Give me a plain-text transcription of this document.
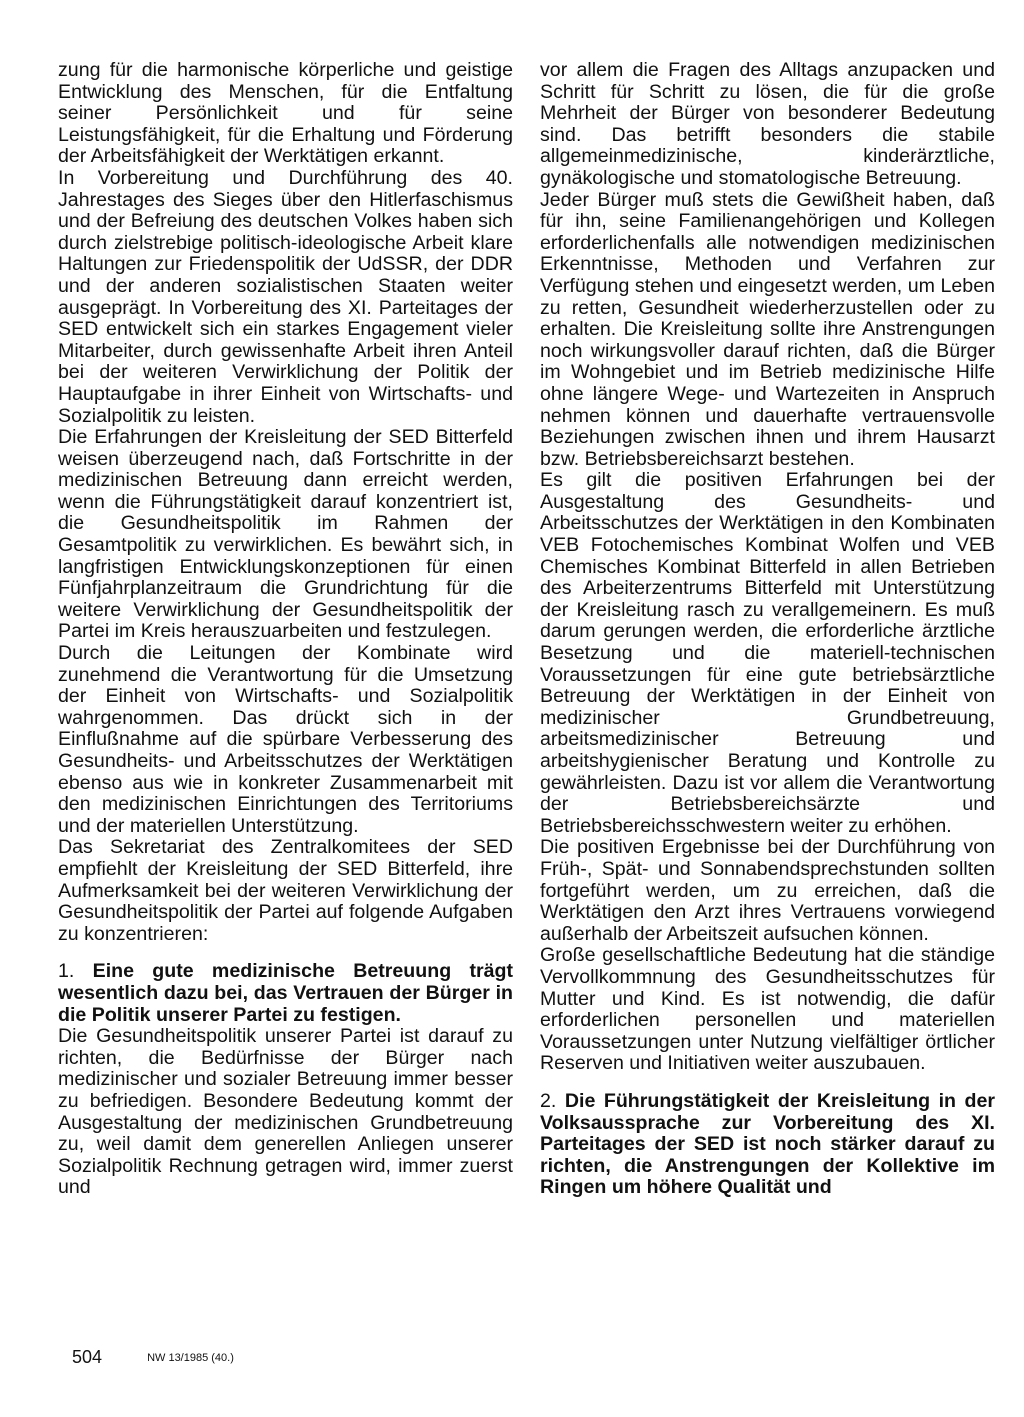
zung für die harmonische körperliche und geistige Entwicklung des Menschen, für die Entfaltung seiner Persönlichkeit und für seine Leistungsfähigkeit, für die Erhaltung und Förderung der Arbeitsfähigkeit der Werktätigen erkannt.

In Vorbereitung und Durchführung des 40. Jahrestages des Sieges über den Hitlerfaschismus und der Befreiung des deutschen Volkes haben sich durch zielstrebige politisch-ideologische Arbeit klare Haltungen zur Friedenspolitik der UdSSR, der DDR und der anderen sozialistischen Staaten weiter ausgeprägt. In Vorbereitung des XI. Parteitages der SED entwickelt sich ein starkes Engagement vieler Mitarbeiter, durch gewissenhafte Arbeit ihren Anteil bei der weiteren Verwirklichung der Politik der Hauptaufgabe in ihrer Einheit von Wirtschafts- und Sozialpolitik zu leisten.

Die Erfahrungen der Kreisleitung der SED Bitterfeld weisen überzeugend nach, daß Fortschritte in der medizinischen Betreuung dann erreicht werden, wenn die Führungstätigkeit darauf konzentriert ist, die Gesundheitspolitik im Rahmen der Gesamtpolitik zu verwirklichen. Es bewährt sich, in langfristigen Entwicklungskonzeptionen für einen Fünfjahrplanzeitraum die Grundrichtung für die weitere Verwirklichung der Gesundheitspolitik der Partei im Kreis herauszuarbeiten und festzulegen.

Durch die Leitungen der Kombinate wird zunehmend die Verantwortung für die Umsetzung der Einheit von Wirtschafts- und Sozialpolitik wahrgenommen. Das drückt sich in der Einflußnahme auf die spürbare Verbesserung des Gesundheits- und Arbeitsschutzes der Werktätigen ebenso aus wie in konkreter Zusammenarbeit mit den medizinischen Einrichtungen des Territoriums und der materiellen Unterstützung.

Das Sekretariat des Zentralkomitees der SED empfiehlt der Kreisleitung der SED Bitterfeld, ihre Aufmerksamkeit bei der weiteren Verwirklichung der Gesundheitspolitik der Partei auf folgende Aufgaben zu konzentrieren:

1. Eine gute medizinische Betreuung trägt wesentlich dazu bei, das Vertrauen der Bürger in die Politik unserer Partei zu festigen.

Die Gesundheitspolitik unserer Partei ist darauf zu richten, die Bedürfnisse der Bürger nach medizinischer und sozialer Betreuung immer besser zu befriedigen. Besondere Bedeutung kommt der Ausgestaltung der medizinischen Grundbetreuung zu, weil damit dem generellen Anliegen unserer Sozialpolitik Rechnung getragen wird, immer zuerst und

vor allem die Fragen des Alltags anzupacken und Schritt für Schritt zu lösen, die für die große Mehrheit der Bürger von besonderer Bedeutung sind. Das betrifft besonders die stabile allgemeinmedizinische, kinderärztliche, gynäkologische und stomatologische Betreuung.

Jeder Bürger muß stets die Gewißheit haben, daß für ihn, seine Familienangehörigen und Kollegen erforderlichenfalls alle notwendigen medizinischen Erkenntnisse, Methoden und Verfahren zur Verfügung stehen und eingesetzt werden, um Leben zu retten, Gesundheit wiederherzustellen oder zu erhalten. Die Kreisleitung sollte ihre Anstrengungen noch wirkungsvoller darauf richten, daß die Bürger im Wohngebiet und im Betrieb medizinische Hilfe ohne längere Wege- und Wartezeiten in Anspruch nehmen können und dauerhafte vertrauensvolle Beziehungen zwischen ihnen und ihrem Hausarzt bzw. Betriebsbereichsarzt bestehen.

Es gilt die positiven Erfahrungen bei der Ausgestaltung des Gesundheits- und Arbeitsschutzes der Werktätigen in den Kombinaten VEB Fotochemisches Kombinat Wolfen und VEB Chemisches Kombinat Bitterfeld in allen Betrieben des Arbeiterzentrums Bitterfeld mit Unterstützung der Kreisleitung rasch zu verallgemeinern. Es muß darum gerungen werden, die erforderliche ärztliche Besetzung und die materiell-technischen Voraussetzungen für eine gute betriebsärztliche Betreuung der Werktätigen in der Einheit von medizinischer Grundbetreuung, arbeitsmedizinischer Betreuung und arbeitshygienischer Beratung und Kontrolle zu gewährleisten. Dazu ist vor allem die Verantwortung der Betriebsbereichsärzte und Betriebsbereichsschwestern weiter zu erhöhen.

Die positiven Ergebnisse bei der Durchführung von Früh-, Spät- und Sonnabendsprechstunden sollten fortgeführt werden, um zu erreichen, daß die Werktätigen den Arzt ihres Vertrauens vorwiegend außerhalb der Arbeitszeit aufsuchen können.

Große gesellschaftliche Bedeutung hat die ständige Vervollkommnung des Gesundheitsschutzes für Mutter und Kind. Es ist notwendig, die dafür erforderlichen personellen und materiellen Voraussetzungen unter Nutzung vielfältiger örtlicher Reserven und Initiativen weiter auszubauen.

2. Die Führungstätigkeit der Kreisleitung in der Volksaussprache zur Vorbereitung des XI. Parteitages der SED ist noch stärker darauf zu richten, die Anstrengungen der Kollektive im Ringen um höhere Qualität und

504	NW 13/1985 (40.)
